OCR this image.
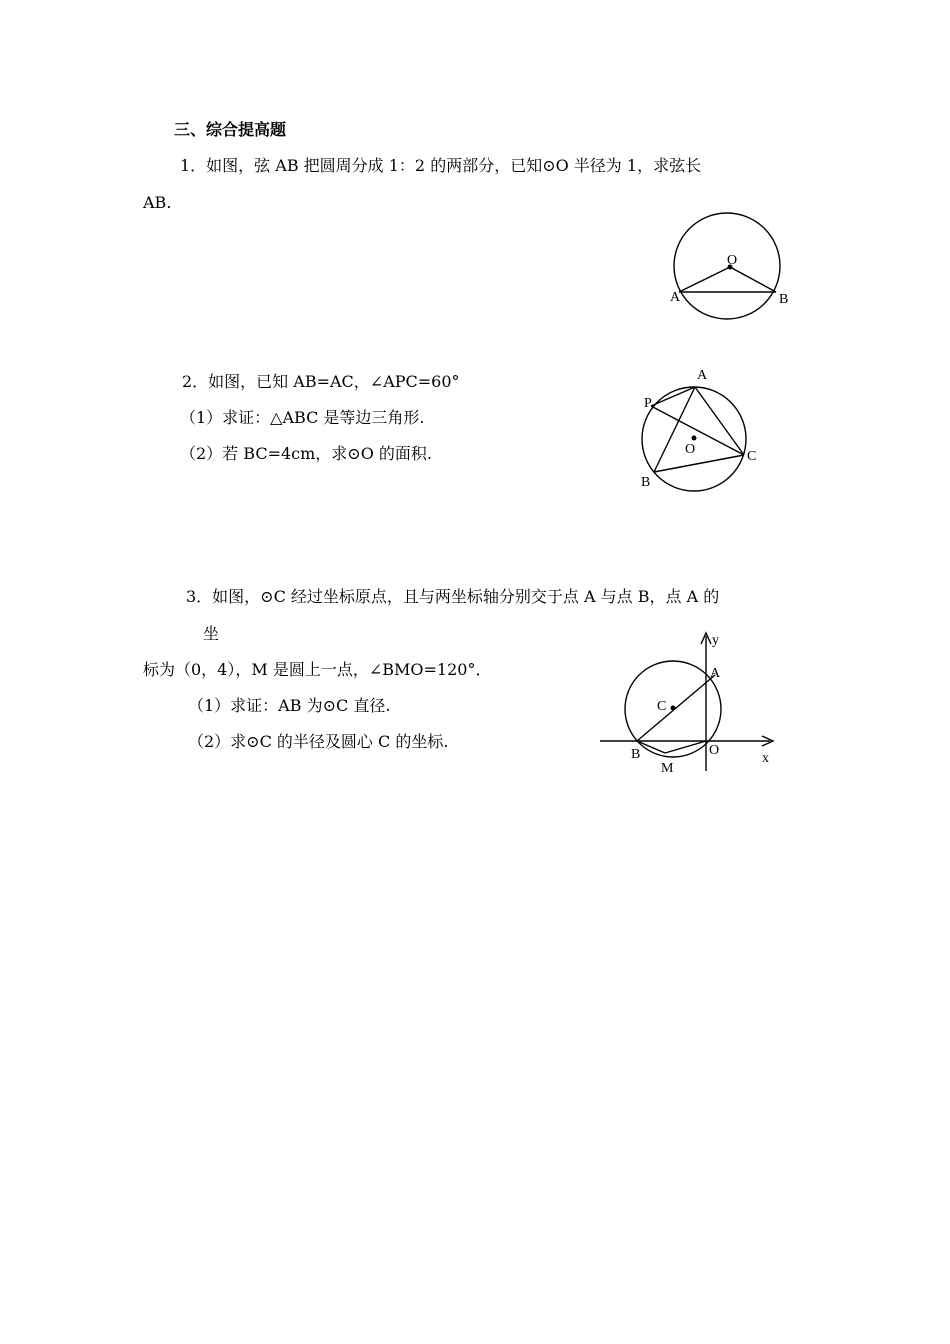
三、综合提高题
1．如图，弦 AB 把圆周分成 1：2 的两部分，已知⊙O 半径为 1，求弦长
AB.
O
A	B
2．如图，已知 AB=AC，∠APC=60°
（1）求证：△ABC 是等边三角形.
（2）若 BC=4cm，求⊙O 的面积.
A
P
O	C
B
3．如图，⊙C 经过坐标原点，且与两坐标轴分别交于点 A 与点 B，点 A 的
坐
标为（0，4），M 是圆上一点，∠BMO=120°．
（1）求证：AB 为⊙C 直径.
（2）求⊙C 的半径及圆心 C 的坐标.
y
A
C
B	O
M
x
